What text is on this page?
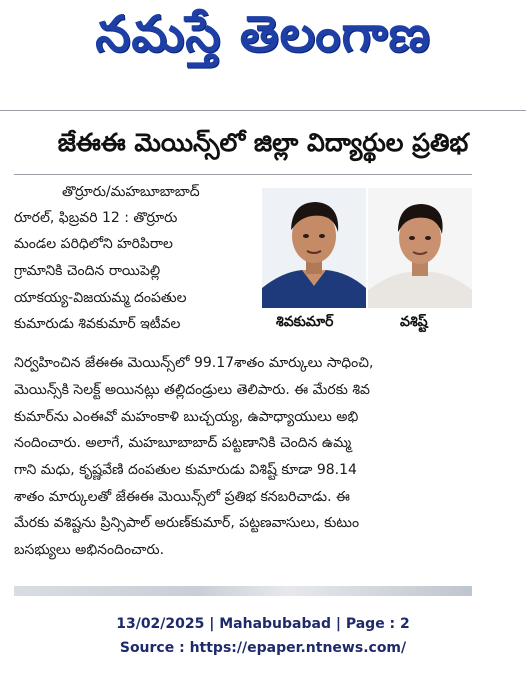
నమస్తే తెలంగాణ
జేఈఈ మెయిన్స్‌లో జిల్లా విద్యార్థుల ప్రతిభ
తొర్రూరు/మహబూబాబాద్
రూరల్, ఫిబ్రవరి 12 : తొర్రూరు
మండల పరిధిలోని హరిపిరాల
గ్రామానికి చెందిన రాయిపెల్లి
యాకయ్య-విజయమ్మ దంపతుల
కుమారుడు శివకుమార్ ఇటీవల
నిర్వహించిన జేఈఈ మెయిన్స్‌లో 99.17శాతం మార్కులు సాధించి,
మెయిన్స్‌కి సెలక్ట్ అయినట్లు తల్లిదండ్రులు తెలిపారు. ఈ మేరకు శివ
కుమార్‌ను ఎంఈవో మహంకాళి బుచ్చయ్య, ఉపాధ్యాయులు అభి
నందించారు. అలాగే, మహబూబాబాద్ పట్టణానికి చెందిన ఉమ్మ
గాని మధు, కృష్ణవేణి దంపతుల కుమారుడు విశిష్ట్ కూడా 98.14
శాతం మార్కులతో జేఈఈ మెయిన్స్‌లో ప్రతిభ కనబరిచాడు. ఈ
మేరకు వశిష్టను ప్రిన్సిపాల్ అరుణ్‌కుమార్, పట్టణవాసులు, కుటుం
బసభ్యులు అభినందించారు.
శివకుమార్	వశిష్ట్
13/02/2025 | Mahabubabad | Page : 2
Source : https://epaper.ntnews.com/
